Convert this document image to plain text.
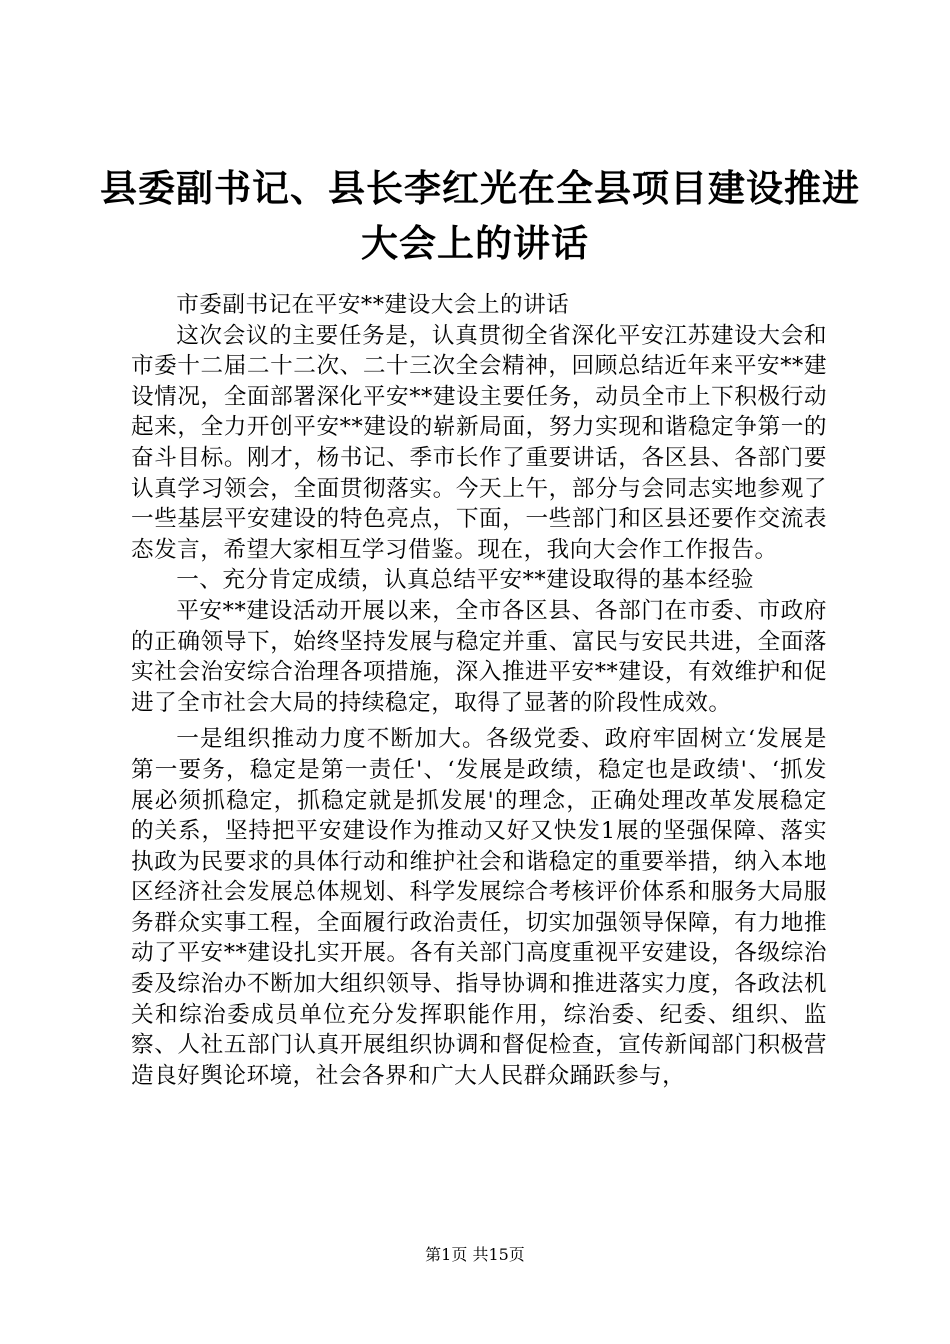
县委副书记、县长李红光在全县项目建设推进
大会上的讲话

市委副书记在平安**建设大会上的讲话

这次会议的主要任务是，认真贯彻全省深化平安江苏建设大会和市委十二届二十二次、二十三次全会精神，回顾总结近年来平安**建设情况，全面部署深化平安**建设主要任务，动员全市上下积极行动起来，全力开创平安**建设的崭新局面，努力实现和谐稳定争第一的奋斗目标。刚才，杨书记、季市长作了重要讲话，各区县、各部门要认真学习领会，全面贯彻落实。今天上午，部分与会同志实地参观了一些基层平安建设的特色亮点，下面，一些部门和区县还要作交流表态发言，希望大家相互学习借鉴。现在，我向大会作工作报告。

一、充分肯定成绩，认真总结平安**建设取得的基本经验

平安**建设活动开展以来，全市各区县、各部门在市委、市政府的正确领导下，始终坚持发展与稳定并重、富民与安民共进，全面落实社会治安综合治理各项措施，深入推进平安**建设，有效维护和促进了全市社会大局的持续稳定，取得了显著的阶段性成效。

一是组织推动力度不断加大。各级党委、政府牢固树立‘发展是第一要务，稳定是第一责任'、‘发展是政绩，稳定也是政绩'、‘抓发展必须抓稳定，抓稳定就是抓发展'的理念，正确处理改革发展稳定的关系，坚持把平安建设作为推动又好又快发1展的坚强保障、落实执政为民要求的具体行动和维护社会和谐稳定的重要举措，纳入本地区经济社会发展总体规划、科学发展综合考核评价体系和服务大局服务群众实事工程，全面履行政治责任，切实加强领导保障，有力地推动了平安**建设扎实开展。各有关部门高度重视平安建设，各级综治委及综治办不断加大组织领导、指导协调和推进落实力度，各政法机关和综治委成员单位充分发挥职能作用，综治委、纪委、组织、监察、人社五部门认真开展组织协调和督促检查，宣传新闻部门积极营造良好舆论环境，社会各界和广大人民群众踊跃参与，

第1页 共15页
